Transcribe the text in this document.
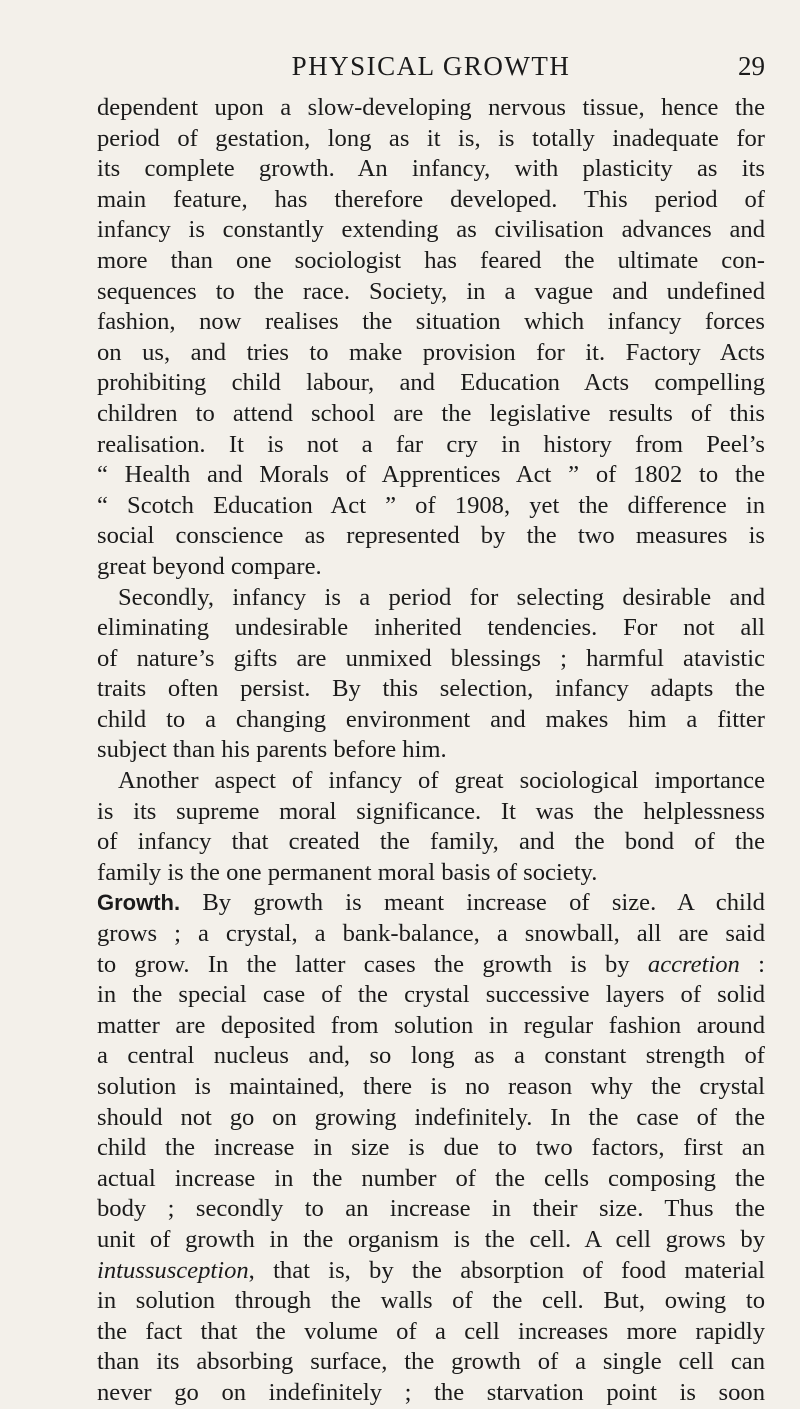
PHYSICAL GROWTH	29
dependent upon a slow-developing nervous tissue, hence the
period of gestation, long as it is, is totally inadequate for
its complete growth. An infancy, with plasticity as its
main feature, has therefore developed. This period of
infancy is constantly extending as civilisation advances and
more than one sociologist has feared the ultimate con-
sequences to the race. Society, in a vague and undefined
fashion, now realises the situation which infancy forces
on us, and tries to make provision for it. Factory Acts
prohibiting child labour, and Education Acts compelling
children to attend school are the legislative results of this
realisation. It is not a far cry in history from Peel’s
“ Health and Morals of Apprentices Act ” of 1802 to the
“ Scotch Education Act ” of 1908, yet the difference in
social conscience as represented by the two measures is
great beyond compare.
Secondly, infancy is a period for selecting desirable and
eliminating undesirable inherited tendencies. For not all
of nature’s gifts are unmixed blessings ; harmful atavistic
traits often persist. By this selection, infancy adapts the
child to a changing environment and makes him a fitter
subject than his parents before him.
Another aspect of infancy of great sociological importance
is its supreme moral significance. It was the helplessness
of infancy that created the family, and the bond of the
family is the one permanent moral basis of society.
Growth. By growth is meant increase of size. A child
grows ; a crystal, a bank-balance, a snowball, all are said
to grow. In the latter cases the growth is by accretion :
in the special case of the crystal successive layers of solid
matter are deposited from solution in regular fashion around
a central nucleus and, so long as a constant strength of
solution is maintained, there is no reason why the crystal
should not go on growing indefinitely. In the case of the
child the increase in size is due to two factors, first an
actual increase in the number of the cells composing the
body ; secondly to an increase in their size. Thus the
unit of growth in the organism is the cell. A cell grows by
intussusception, that is, by the absorption of food material
in solution through the walls of the cell. But, owing to
the fact that the volume of a cell increases more rapidly
than its absorbing surface, the growth of a single cell can
never go on indefinitely ; the starvation point is soon
